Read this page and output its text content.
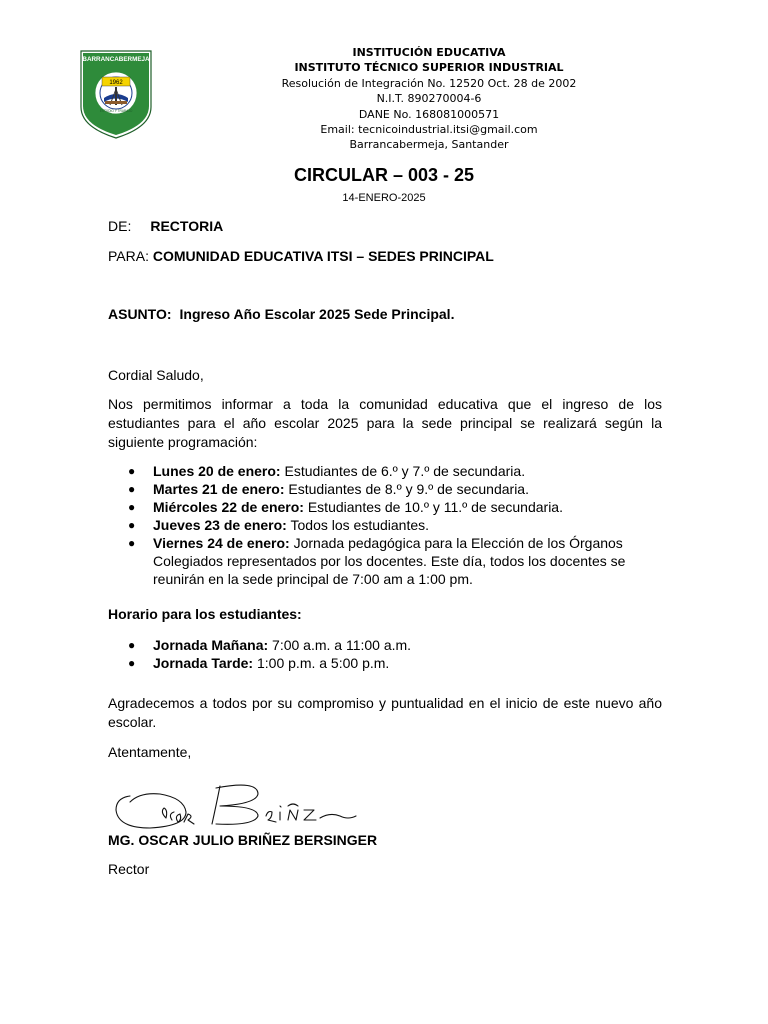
BARRANCABERMEJA
1962
ESTUDIO Y TRABAJO
INSTITUCIÓN EDUCATIVA
INSTITUTO TÉCNICO SUPERIOR INDUSTRIAL
Resolución de Integración No. 12520 Oct. 28 de 2002
N.I.T. 890270004-6
DANE No. 168081000571
Email: tecnicoindustrial.itsi@gmail.com
Barrancabermeja, Santander
CIRCULAR – 003 - 25
14-ENERO-2025
DE: RECTORIA
PARA: COMUNIDAD EDUCATIVA ITSI – SEDES PRINCIPAL
ASUNTO: Ingreso Año Escolar 2025 Sede Principal.
Cordial Saludo,
Nos permitimos informar a toda la comunidad educativa que el ingreso de los estudiantes para el año escolar 2025 para la sede principal se realizará según la siguiente programación:
● Lunes 20 de enero: Estudiantes de 6.º y 7.º de secundaria.
● Martes 21 de enero: Estudiantes de 8.º y 9.º de secundaria.
● Miércoles 22 de enero: Estudiantes de 10.º y 11.º de secundaria.
● Jueves 23 de enero: Todos los estudiantes.
● Viernes 24 de enero: Jornada pedagógica para la Elección de los Órganos Colegiados representados por los docentes. Este día, todos los docentes se reunirán en la sede principal de 7:00 am a 1:00 pm.
Horario para los estudiantes:
● Jornada Mañana: 7:00 a.m. a 11:00 a.m.
● Jornada Tarde: 1:00 p.m. a 5:00 p.m.
Agradecemos a todos por su compromiso y puntualidad en el inicio de este nuevo año escolar.
Atentamente,
MG. OSCAR JULIO BRIÑEZ BERSINGER
Rector
